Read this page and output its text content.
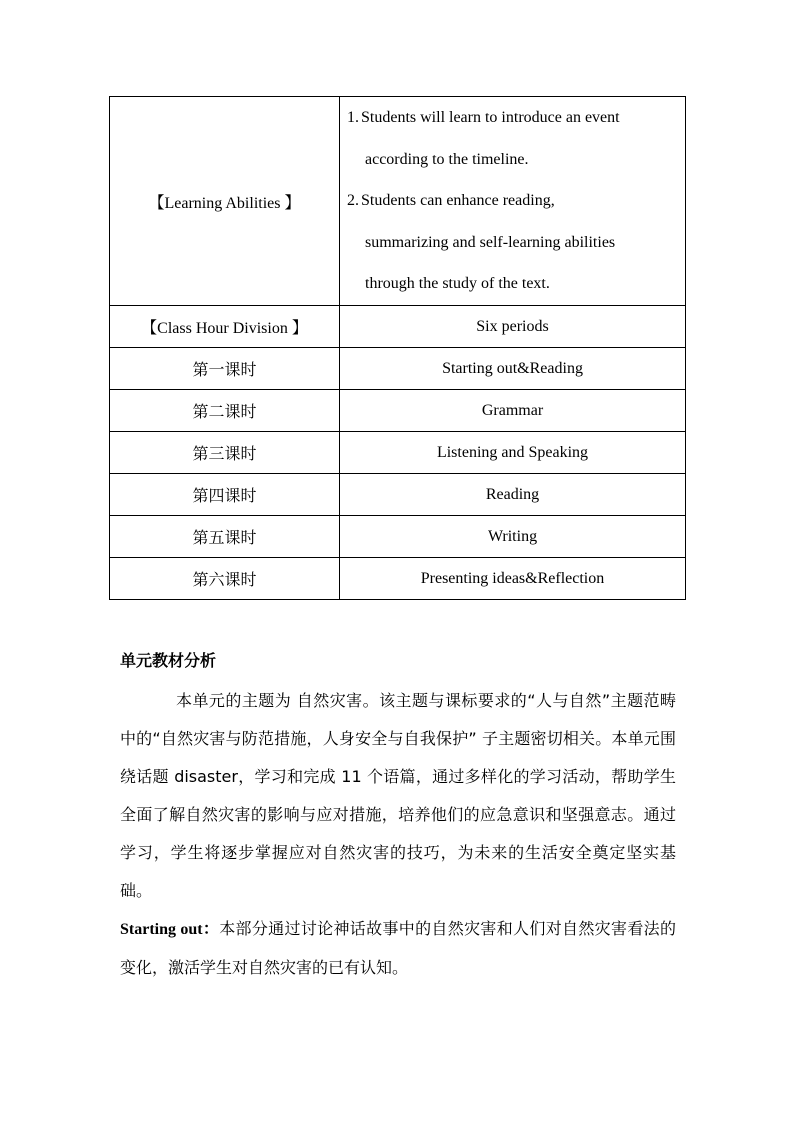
【Learning Abilities 】	1. Students will learn to introduce an event
according to the timeline.
2. Students can enhance reading,
summarizing and self-learning abilities
through the study of the text.

【Class Hour Division 】	Six periods
第一课时	Starting out&Reading
第二课时	Grammar
第三课时	Listening and Speaking
第四课时	Reading
第五课时	Writing
第六课时	Presenting ideas&Reflection
单元教材分析

本单元的主题为 自然灾害。该主题与课标要求的“人与自然”主题范畴中的“自然灾害与防范措施，人身安全与自我保护” 子主题密切相关。本单元围绕话题 disaster，学习和完成 11 个语篇，通过多样化的学习活动，帮助学生全面了解自然灾害的影响与应对措施，培养他们的应急意识和坚强意志。通过学习，学生将逐步掌握应对自然灾害的技巧，为未来的生活安全奠定坚实基础。

Starting out：本部分通过讨论神话故事中的自然灾害和人们对自然灾害看法的变化，激活学生对自然灾害的已有认知。
